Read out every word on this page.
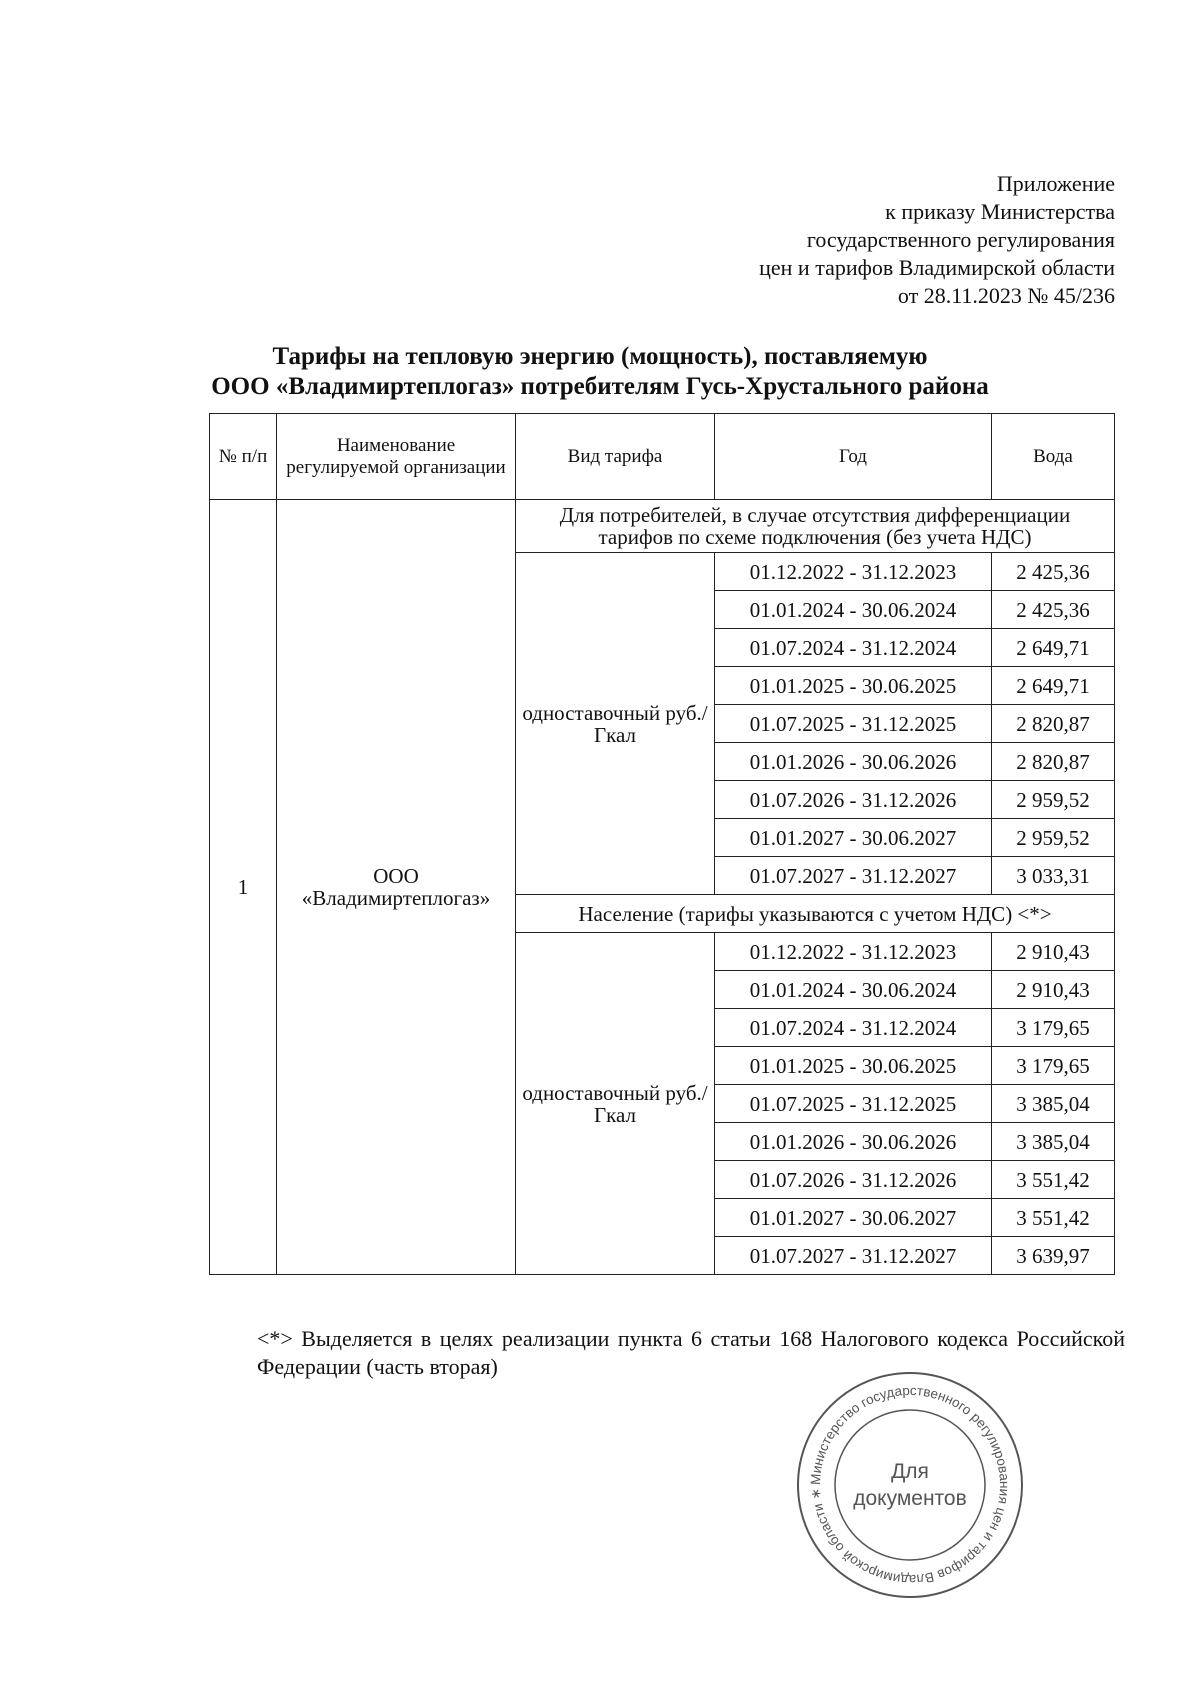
Приложение
к приказу Министерства
государственного регулирования
цен и тарифов Владимирской области
от 28.11.2023 № 45/236
Тарифы на тепловую энергию (мощность), поставляемую
ООО «Владимиртеплогаз» потребителям Гусь-Хрустального района
№ п/п	Наименование регулируемой организации	Вид тарифа	Год	Вода
1	ООО «Владимиртеплогаз»	Для потребителей, в случае отсутствия дифференциации тарифов по схеме подключения (без учета НДС)		
		одноставочный руб./Гкал	01.12.2022 - 31.12.2023	2 425,36
			01.01.2024 - 30.06.2024	2 425,36
			01.07.2024 - 31.12.2024	2 649,71
			01.01.2025 - 30.06.2025	2 649,71
			01.07.2025 - 31.12.2025	2 820,87
			01.01.2026 - 30.06.2026	2 820,87
			01.07.2026 - 31.12.2026	2 959,52
			01.01.2027 - 30.06.2027	2 959,52
			01.07.2027 - 31.12.2027	3 033,31
		Население (тарифы указываются с учетом НДС) <*>		
		одноставочный руб./Гкал	01.12.2022 - 31.12.2023	2 910,43
			01.01.2024 - 30.06.2024	2 910,43
			01.07.2024 - 31.12.2024	3 179,65
			01.01.2025 - 30.06.2025	3 179,65
			01.07.2025 - 31.12.2025	3 385,04
			01.01.2026 - 30.06.2026	3 385,04
			01.07.2026 - 31.12.2026	3 551,42
			01.01.2027 - 30.06.2027	3 551,42
			01.07.2027 - 31.12.2027	3 639,97
<*> Выделяется в целях реализации пункта 6 статьи 168 Налогового кодекса Российской Федерации (часть вторая)
Министерство государственного регулирования цен и тарифов Владимирской области ∗
Для
документов
